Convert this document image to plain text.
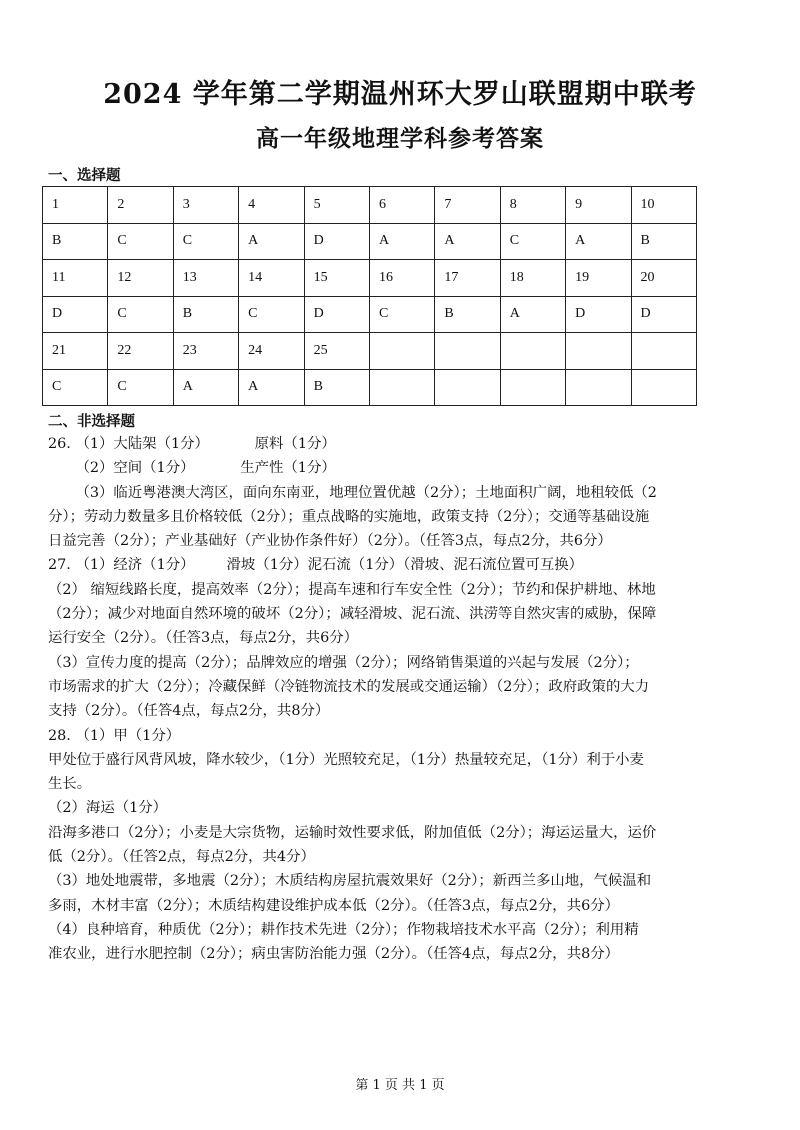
2024 学年第二学期温州环大罗山联盟期中联考
高一年级地理学科参考答案
一、选择题
1	2	3	4	5	6	7	8	9	10
B	C	C	A	D	A	A	C	A	B
11	12	13	14	15	16	17	18	19	20
D	C	B	C	D	C	B	A	D	D
21	22	23	24	25					
C	C	A	A	B					
二、非选择题

26. （1）大陆架（1分）          原料（1分）

（2）空间（1分）          生产性（1分）

（3）临近粤港澳大湾区，面向东南亚，地理位置优越（2分）；土地面积广阔，地租较低（2

分）；劳动力数量多且价格较低（2分）；重点战略的实施地，政策支持（2分）；交通等基础设施

日益完善（2分）；产业基础好（产业协作条件好）（2分）。（任答3点，每点2分，共6分）

27. （1）经济（1分）       滑坡（1分）泥石流（1分）（滑坡、泥石流位置可互换）

（2） 缩短线路长度，提高效率（2分）；提高车速和行车安全性（2分）；节约和保护耕地、林地

（2分）；减少对地面自然环境的破坏（2分）；减轻滑坡、泥石流、洪涝等自然灾害的威胁，保障

运行安全（2分）。（任答3点，每点2分，共6分）

（3）宣传力度的提高（2分）；品牌效应的增强（2分）；网络销售渠道的兴起与发展（2分）；

市场需求的扩大（2分）；冷藏保鲜（冷链物流技术的发展或交通运输）（2分）；政府政策的大力

支持（2分）。（任答4点，每点2分，共8分）

28. （1）甲（1分）

甲处位于盛行风背风坡，降水较少，（1分）光照较充足，（1分）热量较充足，（1分）利于小麦

生长。

（2）海运（1分）

沿海多港口（2分）；小麦是大宗货物，运输时效性要求低，附加值低（2分）；海运运量大，运价

低（2分）。（任答2点，每点2分，共4分）

（3）地处地震带，多地震（2分）；木质结构房屋抗震效果好（2分）；新西兰多山地，气候温和

多雨，木材丰富（2分）；木质结构建设维护成本低（2分）。（任答3点，每点2分，共6分）

（4）良种培育，种质优（2分）；耕作技术先进（2分）；作物栽培技术水平高（2分）；利用精

准农业，进行水肥控制（2分）；病虫害防治能力强（2分）。（任答4点，每点2分，共8分）

第 1 页 共 1 页
